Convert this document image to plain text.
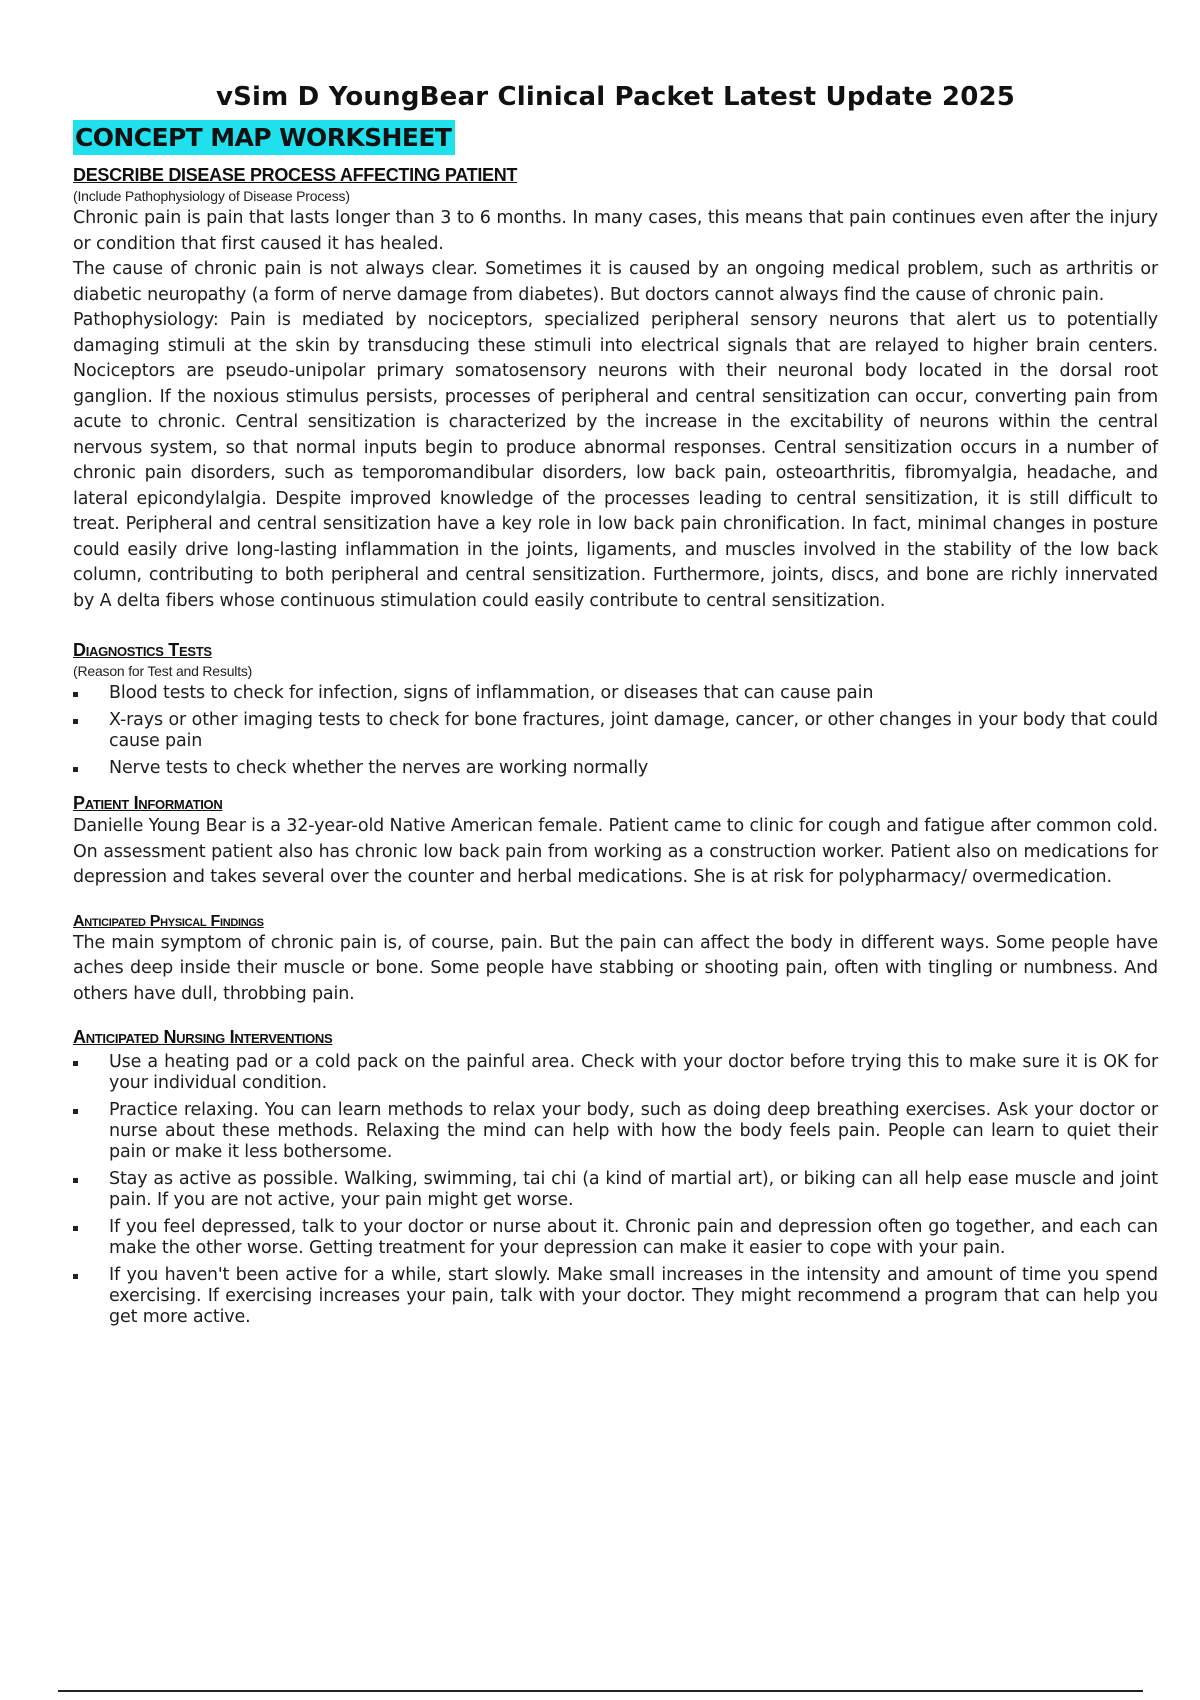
vSim D YoungBear Clinical Packet Latest Update 2025
CONCEPT MAP WORKSHEET
DESCRIBE DISEASE PROCESS AFFECTING PATIENT
(Include Pathophysiology of Disease Process)

Chronic pain is pain that lasts longer than 3 to 6 months. In many cases, this means that pain continues even after the injury or condition that first caused it has healed.

The cause of chronic pain is not always clear. Sometimes it is caused by an ongoing medical problem, such as arthritis or diabetic neuropathy (a form of nerve damage from diabetes). But doctors cannot always find the cause of chronic pain.

Pathophysiology: Pain is mediated by nociceptors, specialized peripheral sensory neurons that alert us to potentially damaging stimuli at the skin by transducing these stimuli into electrical signals that are relayed to higher brain centers. Nociceptors are pseudo-unipolar primary somatosensory neurons with their neuronal body located in the dorsal root ganglion. If the noxious stimulus persists, processes of peripheral and central sensitization can occur, converting pain from acute to chronic. Central sensitization is characterized by the increase in the excitability of neurons within the central nervous system, so that normal inputs begin to produce abnormal responses. Central sensitization occurs in a number of chronic pain disorders, such as temporomandibular disorders, low back pain, osteoarthritis, fibromyalgia, headache, and lateral epicondylalgia. Despite improved knowledge of the processes leading to central sensitization, it is still difficult to treat. Peripheral and central sensitization have a key role in low back pain chronification. In fact, minimal changes in posture could easily drive long-lasting inflammation in the joints, ligaments, and muscles involved in the stability of the low back column, contributing to both peripheral and central sensitization. Furthermore, joints, discs, and bone are richly innervated by A delta fibers whose continuous stimulation could easily contribute to central sensitization.

Diagnostics Tests
(Reason for Test and Results)
Blood tests to check for infection, signs of inflammation, or diseases that can cause pain
X-rays or other imaging tests to check for bone fractures, joint damage, cancer, or other changes in your body that could cause pain
Nerve tests to check whether the nerves are working normally
Patient Information

Danielle Young Bear is a 32-year-old Native American female. Patient came to clinic for cough and fatigue after common cold. On assessment patient also has chronic low back pain from working as a construction worker. Patient also on medications for depression and takes several over the counter and herbal medications. She is at risk for polypharmacy/ overmedication.

Anticipated Physical Findings

The main symptom of chronic pain is, of course, pain. But the pain can affect the body in different ways. Some people have aches deep inside their muscle or bone. Some people have stabbing or shooting pain, often with tingling or numbness. And others have dull, throbbing pain.

Anticipated Nursing Interventions
Use a heating pad or a cold pack on the painful area. Check with your doctor before trying this to make sure it is OK for your individual condition.
Practice relaxing. You can learn methods to relax your body, such as doing deep breathing exercises. Ask your doctor or nurse about these methods. Relaxing the mind can help with how the body feels pain. People can learn to quiet their pain or make it less bothersome.
Stay as active as possible. Walking, swimming, tai chi (a kind of martial art), or biking can all help ease muscle and joint pain. If you are not active, your pain might get worse.
If you feel depressed, talk to your doctor or nurse about it. Chronic pain and depression often go together, and each can make the other worse. Getting treatment for your depression can make it easier to cope with your pain.
If you haven't been active for a while, start slowly. Make small increases in the intensity and amount of time you spend exercising. If exercising increases your pain, talk with your doctor. They might recommend a program that can help you get more active.
